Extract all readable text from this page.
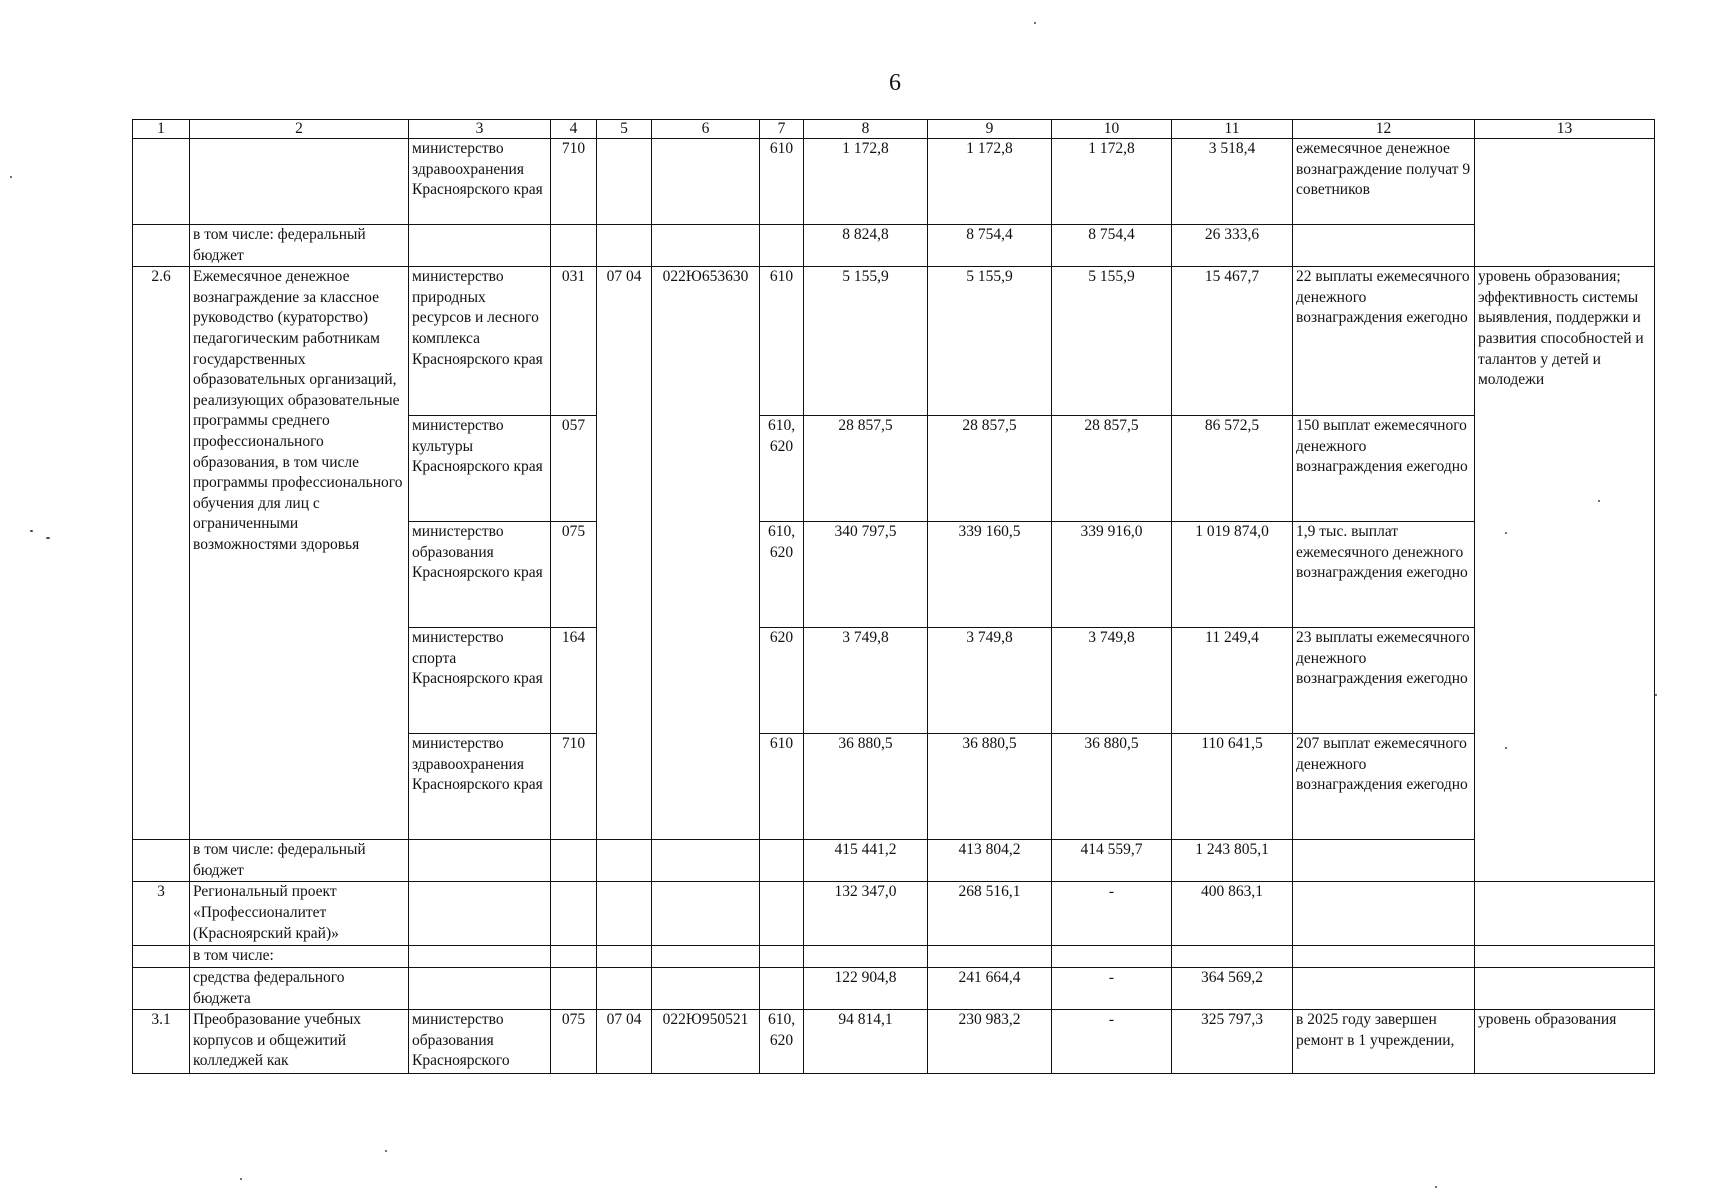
6
1	2	3	4	5	6	7	8	9	10	11	12	13
		министерство здравоохранения Красноярского края	710			610	1 172,8	1 172,8	1 172,8	3 518,4	ежемесячное денежное вознаграждение получат 9 советников	
	в том числе: федеральный бюджет						8 824,8	8 754,4	8 754,4	26 333,6		
2.6	Ежемесячное денежное вознаграждение за классное руководство (кураторство) педагогическим работникам государственных образовательных организаций, реализующих образовательные программы среднего профессионального образования, в том числе программы профессионального обучения для лиц с ограниченными возможностями здоровья	министерство природных ресурсов и лесного комплекса Красноярского края	031	07 04	022Ю653630	610	5 155,9	5 155,9	5 155,9	15 467,7	22 выплаты ежемесячного денежного вознаграждения ежегодно	уровень образования; эффективность системы выявления, поддержки и развития способностей и талантов у детей и молодежи
		министерство культуры Красноярского края	057			610, 620	28 857,5	28 857,5	28 857,5	86 572,5	150 выплат ежемесячного денежного вознаграждения ежегодно	
		министерство образования Красноярского края	075			610, 620	340 797,5	339 160,5	339 916,0	1 019 874,0	1,9 тыс. выплат ежемесячного денежного вознаграждения ежегодно	
		министерство спорта Красноярского края	164			620	3 749,8	3 749,8	3 749,8	11 249,4	23 выплаты ежемесячного денежного вознаграждения ежегодно	
		министерство здравоохранения Красноярского края	710			610	36 880,5	36 880,5	36 880,5	110 641,5	207 выплат ежемесячного денежного вознаграждения ежегодно	
	в том числе: федеральный бюджет						415 441,2	413 804,2	414 559,7	1 243 805,1		
3	Региональный проект «Профессионалитет (Красноярский край)»						132 347,0	268 516,1	-	400 863,1		
	в том числе:											
	средства федерального бюджета						122 904,8	241 664,4	-	364 569,2		
3.1	Преобразование учебных корпусов и общежитий колледжей как	министерство образования Красноярского	075	07 04	022Ю950521	610, 620	94 814,1	230 983,2	-	325 797,3	в 2025 году завершен ремонт в 1 учреждении,	уровень образования
